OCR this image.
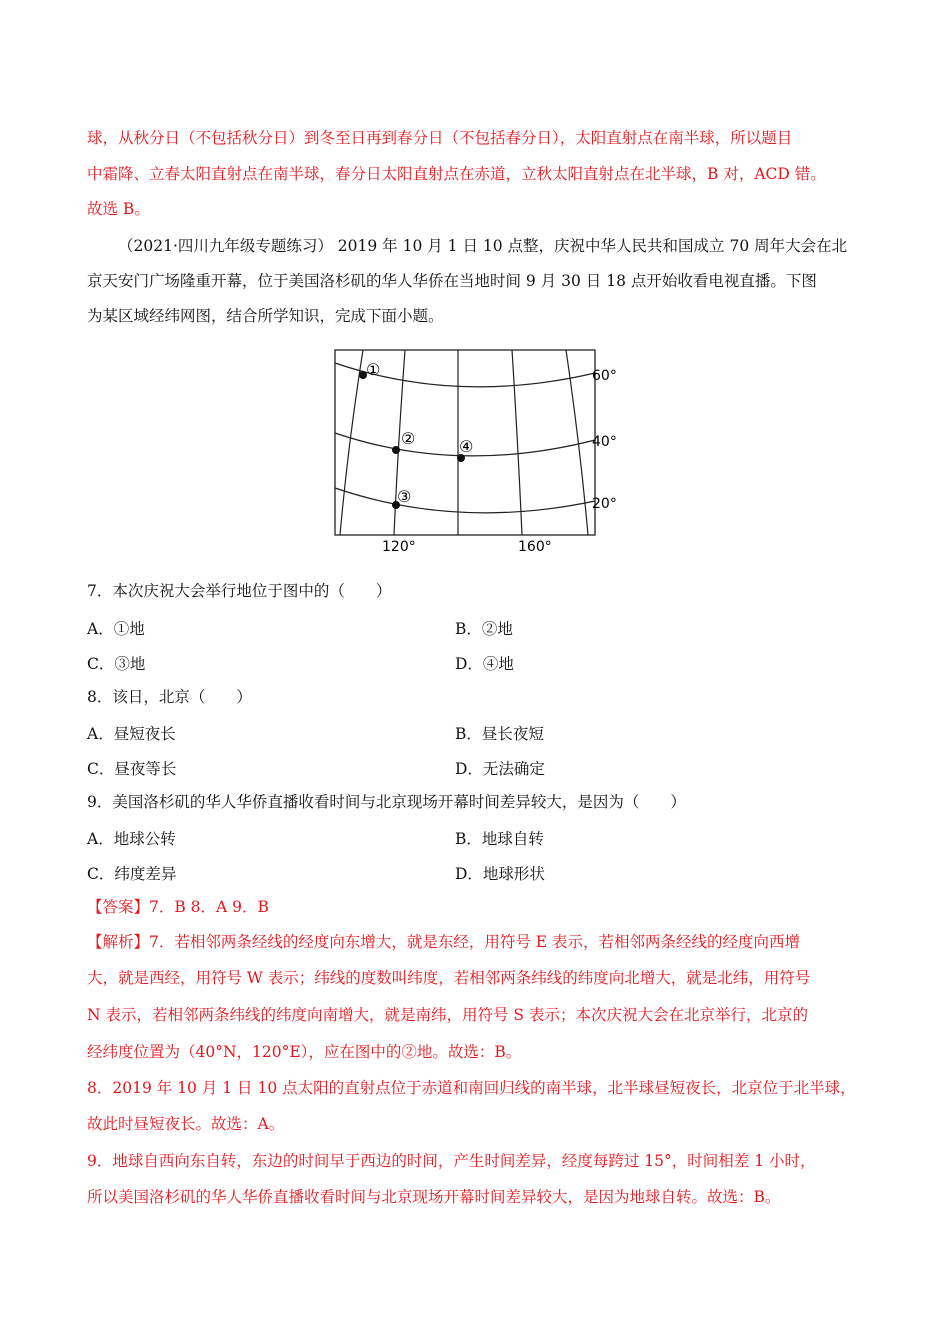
球，从秋分日（不包括秋分日）到冬至日再到春分日（不包括春分日），太阳直射点在南半球，所以题目
中霜降、立春太阳直射点在南半球，春分日太阳直射点在赤道，立秋太阳直射点在北半球，B 对，ACD 错。
故选 B。
（2021·四川九年级专题练习） 2019 年 10 月 1 日 10 点整，庆祝中华人民共和国成立 70 周年大会在北
京天安门广场隆重开幕，位于美国洛杉矶的华人华侨在当地时间 9 月 30 日 18 点开始收看电视直播。下图
为某区域经纬网图，结合所学知识，完成下面小题。
①
②
③
④
60°
40°
20°
120°	160°
7．本次庆祝大会举行地位于图中的（　　）
A．①地	B．②地
C．③地	D．④地
8．该日，北京（　　）
A．昼短夜长	B．昼长夜短
C．昼夜等长	D．无法确定
9．美国洛杉矶的华人华侨直播收看时间与北京现场开幕时间差异较大，是因为（　　）
A．地球公转	B．地球自转
C．纬度差异	D．地球形状
【答案】7．B 8．A 9．B
【解析】7．若相邻两条经线的经度向东增大，就是东经，用符号 E 表示，若相邻两条经线的经度向西增
大，就是西经，用符号 W 表示；纬线的度数叫纬度，若相邻两条纬线的纬度向北增大，就是北纬，用符号
N 表示，若相邻两条纬线的纬度向南增大，就是南纬，用符号 S 表示；本次庆祝大会在北京举行，北京的
经纬度位置为（40°N，120°E），应在图中的②地。故选：B。
8．2019 年 10 月 1 日 10 点太阳的直射点位于赤道和南回归线的南半球，北半球昼短夜长，北京位于北半球，
故此时昼短夜长。故选：A。
9．地球自西向东自转，东边的时间早于西边的时间，产生时间差异，经度每跨过 15°，时间相差 1 小时，
所以美国洛杉矶的华人华侨直播收看时间与北京现场开幕时间差异较大，是因为地球自转。故选：B。
